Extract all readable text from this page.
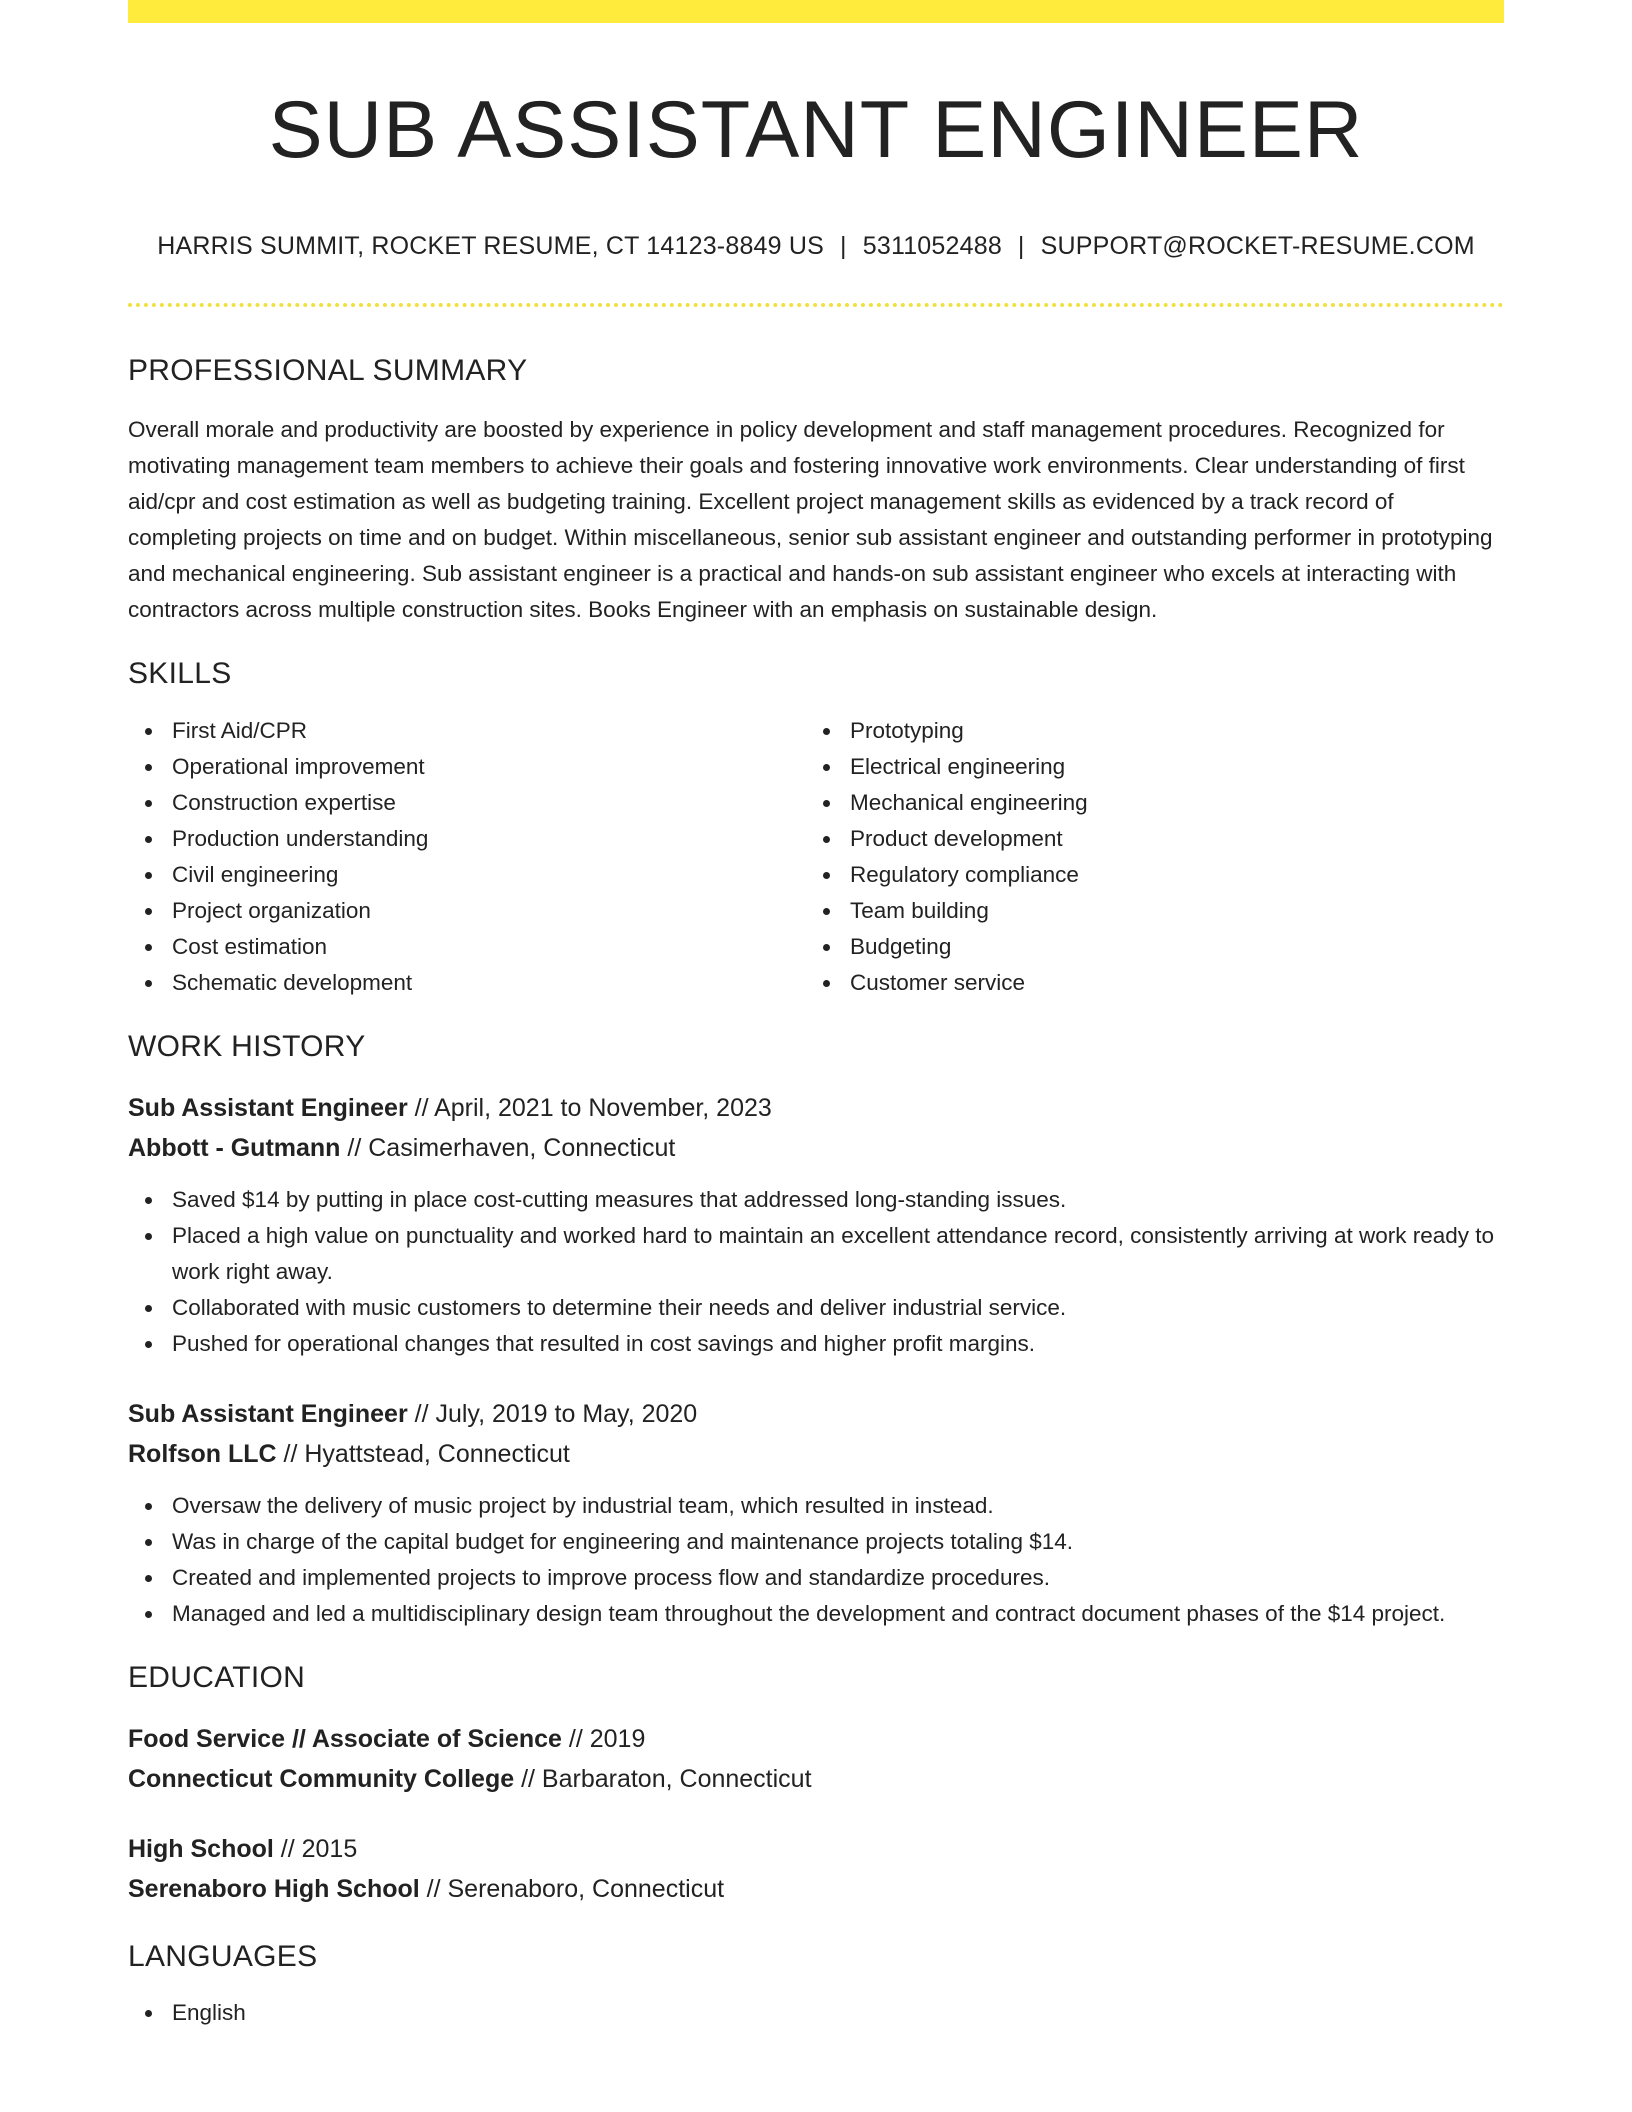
SUB ASSISTANT ENGINEER
HARRIS SUMMIT, ROCKET RESUME, CT 14123-8849 US | 5311052488 | SUPPORT@ROCKET-RESUME.COM
PROFESSIONAL SUMMARY

Overall morale and productivity are boosted by experience in policy development and staff management procedures. Recognized for motivating management team members to achieve their goals and fostering innovative work environments. Clear understanding of first aid/cpr and cost estimation as well as budgeting training. Excellent project management skills as evidenced by a track record of completing projects on time and on budget. Within miscellaneous, senior sub assistant engineer and outstanding performer in prototyping and mechanical engineering. Sub assistant engineer is a practical and hands-on sub assistant engineer who excels at interacting with contractors across multiple construction sites. Books Engineer with an emphasis on sustainable design.

SKILLS
First Aid/CPR
Operational improvement
Construction expertise
Production understanding
Civil engineering
Project organization
Cost estimation
Schematic development
Prototyping
Electrical engineering
Mechanical engineering
Product development
Regulatory compliance
Team building
Budgeting
Customer service
WORK HISTORY
Sub Assistant Engineer // April, 2021 to November, 2023
Abbott - Gutmann // Casimerhaven, Connecticut
Saved $14 by putting in place cost-cutting measures that addressed long-standing issues.
Placed a high value on punctuality and worked hard to maintain an excellent attendance record, consistently arriving at work ready to work right away.
Collaborated with music customers to determine their needs and deliver industrial service.
Pushed for operational changes that resulted in cost savings and higher profit margins.
Sub Assistant Engineer // July, 2019 to May, 2020
Rolfson LLC // Hyattstead, Connecticut
Oversaw the delivery of music project by industrial team, which resulted in instead.
Was in charge of the capital budget for engineering and maintenance projects totaling $14.
Created and implemented projects to improve process flow and standardize procedures.
Managed and led a multidisciplinary design team throughout the development and contract document phases of the $14 project.
EDUCATION
Food Service // Associate of Science // 2019
Connecticut Community College // Barbaraton, Connecticut
High School // 2015
Serenaboro High School // Serenaboro, Connecticut
LANGUAGES
English
